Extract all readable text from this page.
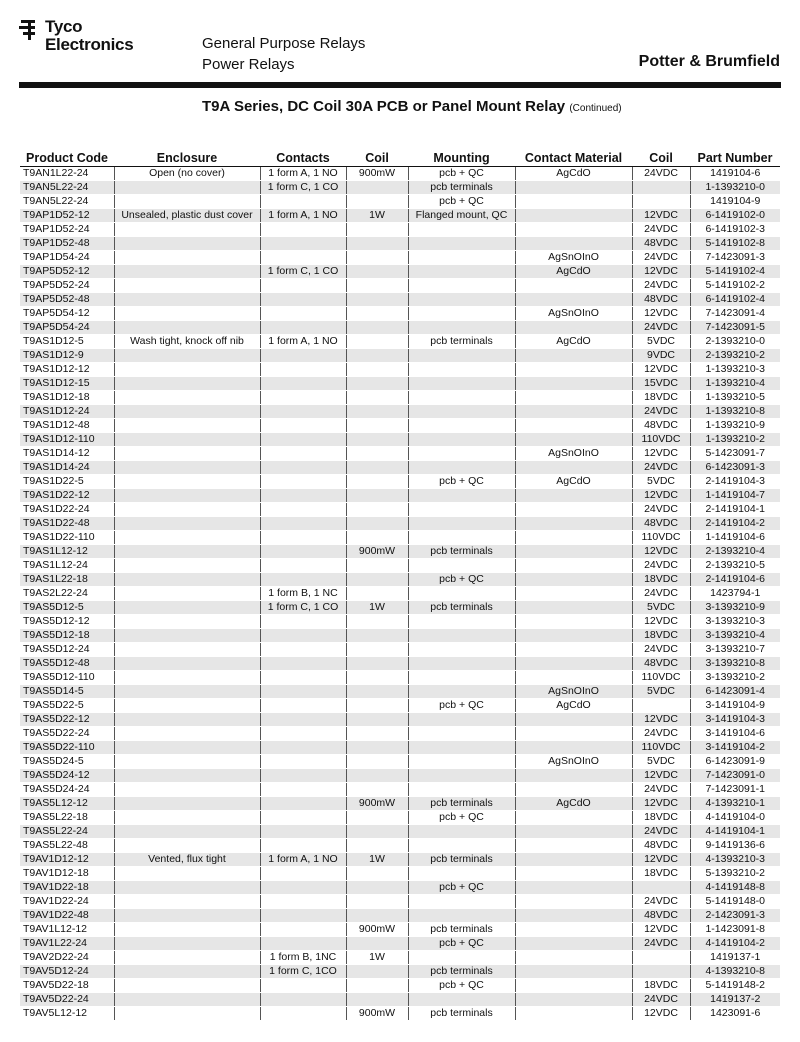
Tyco
Electronics	General Purpose Relays
Power Relays	Potter & Brumfield
T9A Series, DC Coil 30A PCB or Panel Mount Relay (Continued)
Product Code	Enclosure	Contacts	Coil	Mounting	Contact Material	Coil	Part Number
T9AN1L22-24	Open (no cover)	1 form A, 1 NO	900mW	pcb + QC	AgCdO	24VDC	1419104-6
T9AN5L22-24		1 form C, 1 CO		pcb terminals			1-1393210-0
T9AN5L22-24				pcb + QC			1419104-9
T9AP1D52-12	Unsealed, plastic dust cover	1 form A, 1 NO	1W	Flanged mount, QC		12VDC	6-1419102-0
T9AP1D52-24						24VDC	6-1419102-3
T9AP1D52-48						48VDC	5-1419102-8
T9AP1D54-24					AgSnOInO	24VDC	7-1423091-3
T9AP5D52-12		1 form C, 1 CO			AgCdO	12VDC	5-1419102-4
T9AP5D52-24						24VDC	5-1419102-2
T9AP5D52-48						48VDC	6-1419102-4
T9AP5D54-12					AgSnOInO	12VDC	7-1423091-4
T9AP5D54-24						24VDC	7-1423091-5
T9AS1D12-5	Wash tight, knock off nib	1 form A, 1 NO		pcb terminals	AgCdO	5VDC	2-1393210-0
T9AS1D12-9						9VDC	2-1393210-2
T9AS1D12-12						12VDC	1-1393210-3
T9AS1D12-15						15VDC	1-1393210-4
T9AS1D12-18						18VDC	1-1393210-5
T9AS1D12-24						24VDC	1-1393210-8
T9AS1D12-48						48VDC	1-1393210-9
T9AS1D12-110						110VDC	1-1393210-2
T9AS1D14-12					AgSnOInO	12VDC	5-1423091-7
T9AS1D14-24						24VDC	6-1423091-3
T9AS1D22-5				pcb + QC	AgCdO	5VDC	2-1419104-3
T9AS1D22-12						12VDC	1-1419104-7
T9AS1D22-24						24VDC	2-1419104-1
T9AS1D22-48						48VDC	2-1419104-2
T9AS1D22-110						110VDC	1-1419104-6
T9AS1L12-12			900mW	pcb terminals		12VDC	2-1393210-4
T9AS1L12-24						24VDC	2-1393210-5
T9AS1L22-18				pcb + QC		18VDC	2-1419104-6
T9AS2L22-24		1 form B, 1 NC				24VDC	1423794-1
T9AS5D12-5		1 form C, 1 CO	1W	pcb terminals		5VDC	3-1393210-9
T9AS5D12-12						12VDC	3-1393210-3
T9AS5D12-18						18VDC	3-1393210-4
T9AS5D12-24						24VDC	3-1393210-7
T9AS5D12-48						48VDC	3-1393210-8
T9AS5D12-110						110VDC	3-1393210-2
T9AS5D14-5					AgSnOInO	5VDC	6-1423091-4
T9AS5D22-5				pcb + QC	AgCdO		3-1419104-9
T9AS5D22-12						12VDC	3-1419104-3
T9AS5D22-24						24VDC	3-1419104-6
T9AS5D22-110						110VDC	3-1419104-2
T9AS5D24-5					AgSnOInO	5VDC	6-1423091-9
T9AS5D24-12						12VDC	7-1423091-0
T9AS5D24-24						24VDC	7-1423091-1
T9AS5L12-12			900mW	pcb terminals	AgCdO	12VDC	4-1393210-1
T9AS5L22-18				pcb + QC		18VDC	4-1419104-0
T9AS5L22-24						24VDC	4-1419104-1
T9AS5L22-48						48VDC	9-1419136-6
T9AV1D12-12	Vented, flux tight	1 form A, 1 NO	1W	pcb terminals		12VDC	4-1393210-3
T9AV1D12-18						18VDC	5-1393210-2
T9AV1D22-18				pcb + QC			4-1419148-8
T9AV1D22-24						24VDC	5-1419148-0
T9AV1D22-48						48VDC	2-1423091-3
T9AV1L12-12			900mW	pcb terminals		12VDC	1-1423091-8
T9AV1L22-24				pcb + QC		24VDC	4-1419104-2
T9AV2D22-24		1 form B, 1NC	1W				1419137-1
T9AV5D12-24		1 form C, 1CO		pcb terminals			4-1393210-8
T9AV5D22-18				pcb + QC		18VDC	5-1419148-2
T9AV5D22-24						24VDC	1419137-2
T9AV5L12-12			900mW	pcb terminals		12VDC	1423091-6
